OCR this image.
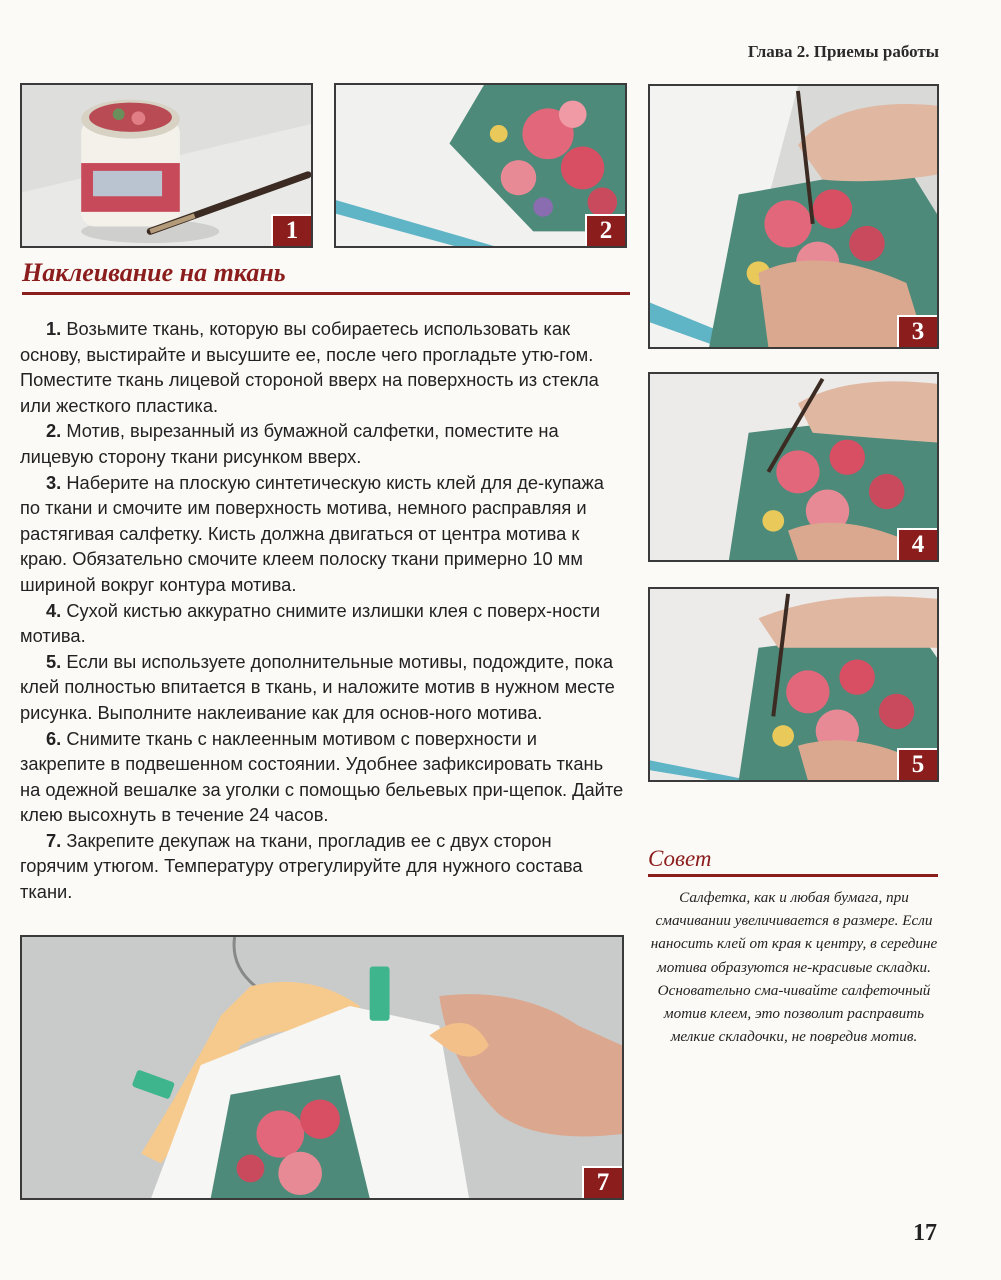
Глава 2. Приемы работы
1	2
3
4
5
7
Наклеивание на ткань

1. Возьмите ткань, которую вы собираетесь использовать как основу, выстирайте и высушите ее, после чего прогладьте утю-гом. Поместите ткань лицевой стороной вверх на поверхность из стекла или жесткого пластика.

2. Мотив, вырезанный из бумажной салфетки, поместите на лицевую сторону ткани рисунком вверх.

3. Наберите на плоскую синтетическую кисть клей для де-купажа по ткани и смочите им поверхность мотива, немного расправляя и растягивая салфетку. Кисть должна двигаться от центра мотива к краю. Обязательно смочите клеем полоску ткани примерно 10 мм шириной вокруг контура мотива.

4. Сухой кистью аккуратно снимите излишки клея с поверх-ности мотива.

5. Если вы используете дополнительные мотивы, подождите, пока клей полностью впитается в ткань, и наложите мотив в нужном месте рисунка. Выполните наклеивание как для основ-ного мотива.

6. Снимите ткань с наклеенным мотивом с поверхности и закрепите в подвешенном состоянии. Удобнее зафиксировать ткань на одежной вешалке за уголки с помощью бельевых при-щепок. Дайте клею высохнуть в течение 24 часов.

7. Закрепите декупаж на ткани, прогладив ее с двух сторон горячим утюгом. Температуру отрегулируйте для нужного состава ткани.

Совет
Салфетка, как и любая бумага, при смачивании увеличивается в размере. Если наносить клей от края к центру, в середине мотива образуются не-красивые складки. Основательно сма-чивайте салфеточный мотив клеем, это позволит расправить мелкие складочки, не повредив мотив.
17
